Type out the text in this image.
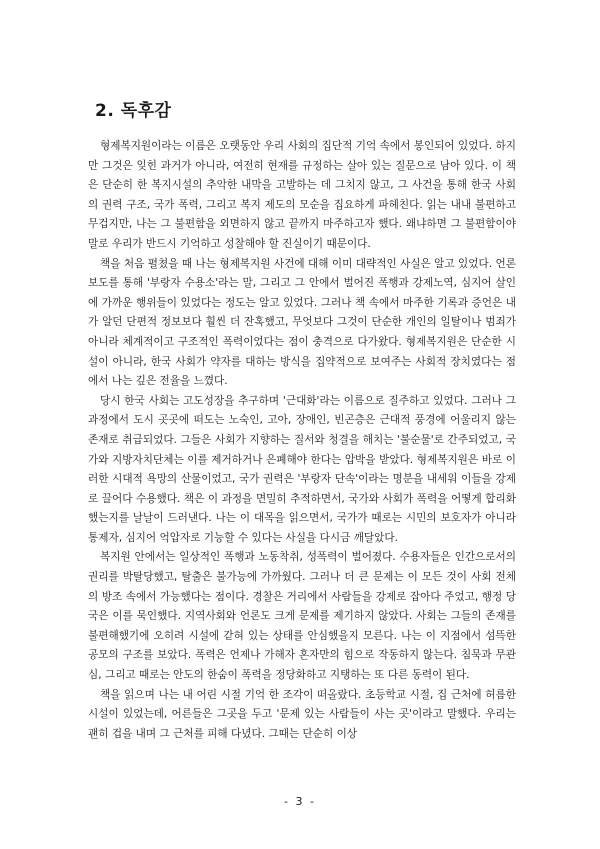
2. 독후감

형제복지원이라는 이름은 오랫동안 우리 사회의 집단적 기억 속에서 봉인되어 있었다. 하지만 그것은 잊힌 과거가 아니라, 여전히 현재를 규정하는 살아 있는 질문으로 남아 있다. 이 책은 단순히 한 복지시설의 추악한 내막을 고발하는 데 그치지 않고, 그 사건을 통해 한국 사회의 권력 구조, 국가 폭력, 그리고 복지 제도의 모순을 집요하게 파헤친다. 읽는 내내 불편하고 무겁지만, 나는 그 불편함을 외면하지 않고 끝까지 마주하고자 했다. 왜냐하면 그 불편함이야말로 우리가 반드시 기억하고 성찰해야 할 진실이기 때문이다.

책을 처음 펼쳤을 때 나는 형제복지원 사건에 대해 이미 대략적인 사실은 알고 있었다. 언론 보도를 통해 '부랑자 수용소'라는 말, 그리고 그 안에서 벌어진 폭행과 강제노역, 심지어 살인에 가까운 행위들이 있었다는 정도는 알고 있었다. 그러나 책 속에서 마주한 기록과 증언은 내가 알던 단편적 정보보다 훨씬 더 잔혹했고, 무엇보다 그것이 단순한 개인의 일탈이나 범죄가 아니라 체계적이고 구조적인 폭력이었다는 점이 충격으로 다가왔다. 형제복지원은 단순한 시설이 아니라, 한국 사회가 약자를 대하는 방식을 집약적으로 보여주는 사회적 장치였다는 점에서 나는 깊은 전율을 느꼈다.

당시 한국 사회는 고도성장을 추구하며 '근대화'라는 이름으로 질주하고 있었다. 그러나 그 과정에서 도시 곳곳에 떠도는 노숙인, 고아, 장애인, 빈곤층은 근대적 풍경에 어울리지 않는 존재로 취급되었다. 그들은 사회가 지향하는 질서와 청결을 해치는 '불순물'로 간주되었고, 국가와 지방자치단체는 이를 제거하거나 은폐해야 한다는 압박을 받았다. 형제복지원은 바로 이러한 시대적 욕망의 산물이었고, 국가 권력은 '부랑자 단속'이라는 명분을 내세워 이들을 강제로 끌어다 수용했다. 책은 이 과정을 면밀히 추적하면서, 국가와 사회가 폭력을 어떻게 합리화했는지를 날날이 드러낸다. 나는 이 대목을 읽으면서, 국가가 때로는 시민의 보호자가 아니라 통제자, 심지어 억압자로 기능할 수 있다는 사실을 다시금 깨달았다.

복지원 안에서는 일상적인 폭행과 노동착취, 성폭력이 벌어졌다. 수용자들은 인간으로서의 권리를 박탈당했고, 탈출은 불가능에 가까웠다. 그러나 더 큰 문제는 이 모든 것이 사회 전체의 방조 속에서 가능했다는 점이다. 경찰은 거리에서 사람들을 강제로 잡아다 주었고, 행정 당국은 이를 묵인했다. 지역사회와 언론도 크게 문제를 제기하지 않았다. 사회는 그들의 존재를 불편해했기에 오히려 시설에 갇혀 있는 상태를 안심했을지 모른다. 나는 이 지점에서 섬뜩한 공모의 구조를 보았다. 폭력은 언제나 가해자 혼자만의 힘으로 작동하지 않는다. 침묵과 무관심, 그리고 때로는 안도의 한숨이 폭력을 정당화하고 지탱하는 또 다른 동력이 된다.

책을 읽으며 나는 내 어린 시절 기억 한 조각이 떠올랐다. 초등학교 시절, 집 근처에 허름한 시설이 있었는데, 어른들은 그곳을 두고 '문제 있는 사람들이 사는 곳'이라고 말했다. 우리는 괜히 겁을 내며 그 근처를 피해 다녔다. 그때는 단순히 이상

- 3 -
